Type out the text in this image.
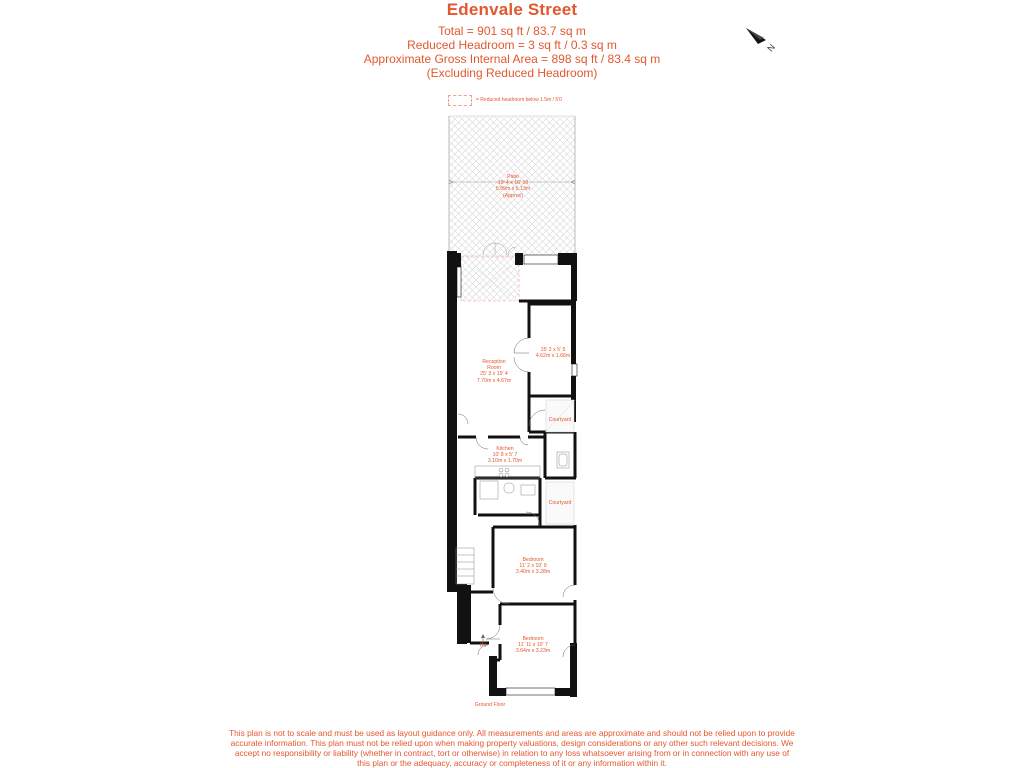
Edenvale Street
Total = 901 sq ft / 83.7 sq m
Reduced Headroom = 3 sq ft / 0.3 sq m
Approximate Gross Internal Area = 898 sq ft / 83.4 sq m
(Excluding Reduced Headroom)
= Reduced headroom below 1.5m / 5'0
N
Patio
19' 4 x 16' 10
5.89m x 5.13m
(Approx)
15' 2 x 5' 5
4.62m x 1.66m
Reception
Room
25' 3 x 15' 4
7.70m x 4.67m
Kitchen
10' 8 x 5' 7
3.10m x 1.70m
Courtyard
Courtyard
Bedroom
11' 2 x 10' 9
3.40m x 3.28m
Bedroom
11' 11 x 10' 7
3.64m x 3.23m
IN
Ground Floor
This plan is not to scale and must be used as layout guidance only. All measurements and areas are approximate and should not be relied upon to provide accurate information. This plan must not be relied upon when making property valuations, design considerations or any other such relevant decisions. We accept no responsibility or liability (whether in contract, tort or otherwise) in relation to any loss whatsoever arising from or in connection with any use of this plan or the adequacy, accuracy or completeness of it or any information within it.
